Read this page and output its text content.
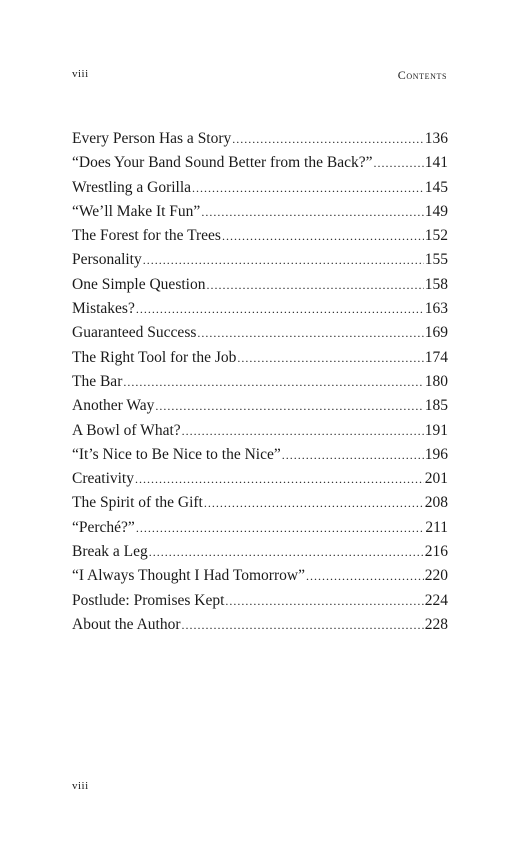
viii	Contents
Every Person Has a Story .....	136
“Does Your Band Sound Better from the Back?” .....	141
Wrestling a Gorilla .....	145
“We’ll Make It Fun” .....	149
The Forest for the Trees .....	152
Personality .....	155
One Simple Question .....	158
Mistakes? .....	163
Guaranteed Success .....	169
The Right Tool for the Job .....	174
The Bar .....	180
Another Way .....	185
A Bowl of What? .....	191
“It’s Nice to Be Nice to the Nice” .....	196
Creativity .....	201
The Spirit of the Gift .....	208
“Perché?” .....	211
Break a Leg .....	216
“I Always Thought I Had Tomorrow” .....	220
Postlude: Promises Kept .....	224
About the Author .....	228
viii
